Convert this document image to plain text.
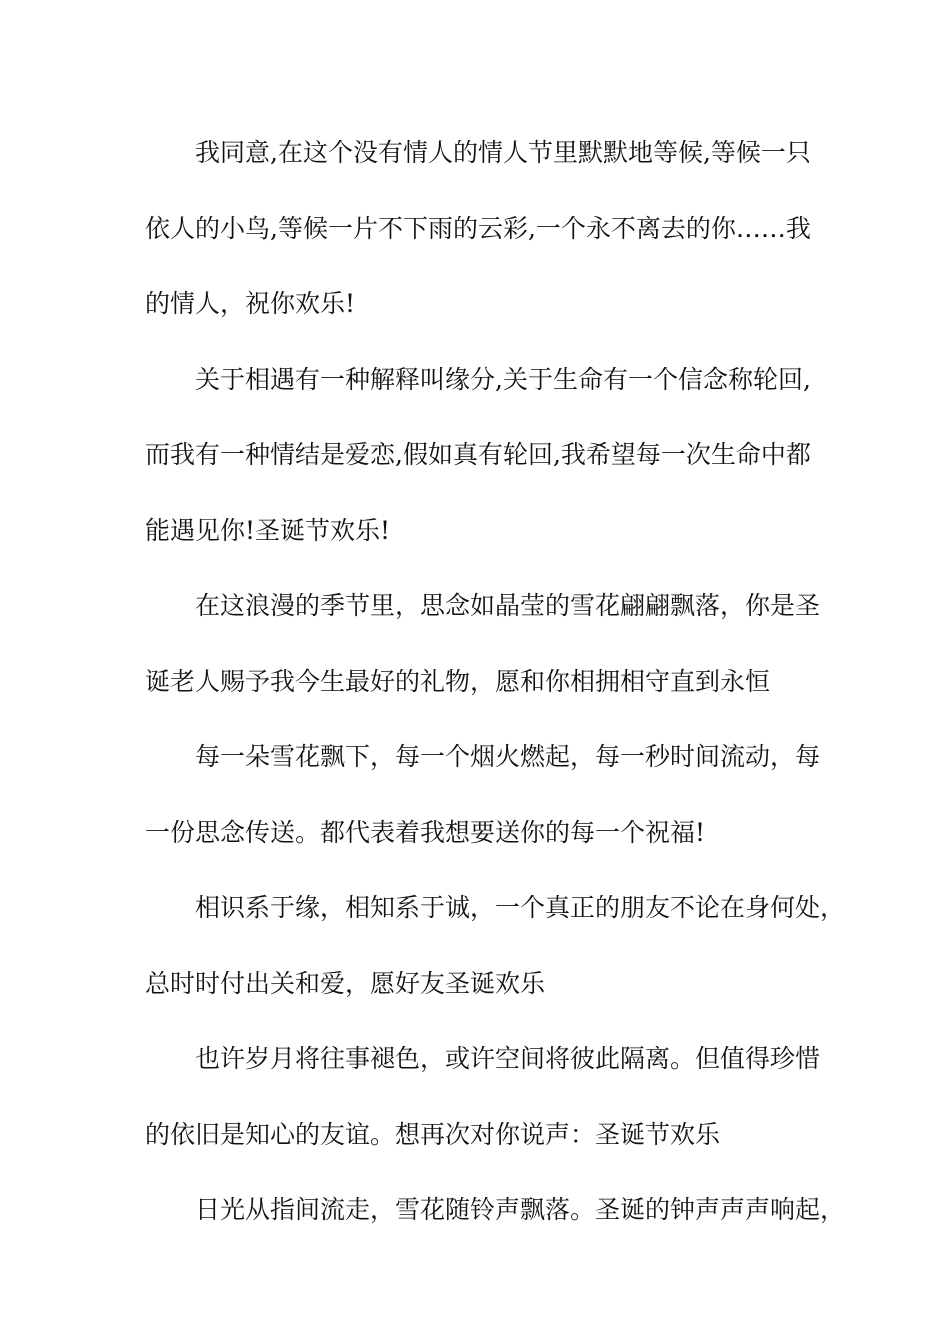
我同意,在这个没有情人的情人节里默默地等候,等候一只
依人的小鸟,等候一片不下雨的云彩,一个永不离去的你……我
的情人，祝你欢乐!
关于相遇有一种解释叫缘分,关于生命有一个信念称轮回,
而我有一种情结是爱恋,假如真有轮回,我希望每一次生命中都
能遇见你!圣诞节欢乐!
在这浪漫的季节里，思念如晶莹的雪花翩翩飘落，你是圣
诞老人赐予我今生最好的礼物，愿和你相拥相守直到永恒
每一朵雪花飘下，每一个烟火燃起，每一秒时间流动，每
一份思念传送。都代表着我想要送你的每一个祝福!
相识系于缘，相知系于诚，一个真正的朋友不论在身何处，
总时时付出关和爱，愿好友圣诞欢乐
也许岁月将往事褪色，或许空间将彼此隔离。但值得珍惜
的依旧是知心的友谊。想再次对你说声：圣诞节欢乐
日光从指间流走，雪花随铃声飘落。圣诞的钟声声声响起，
